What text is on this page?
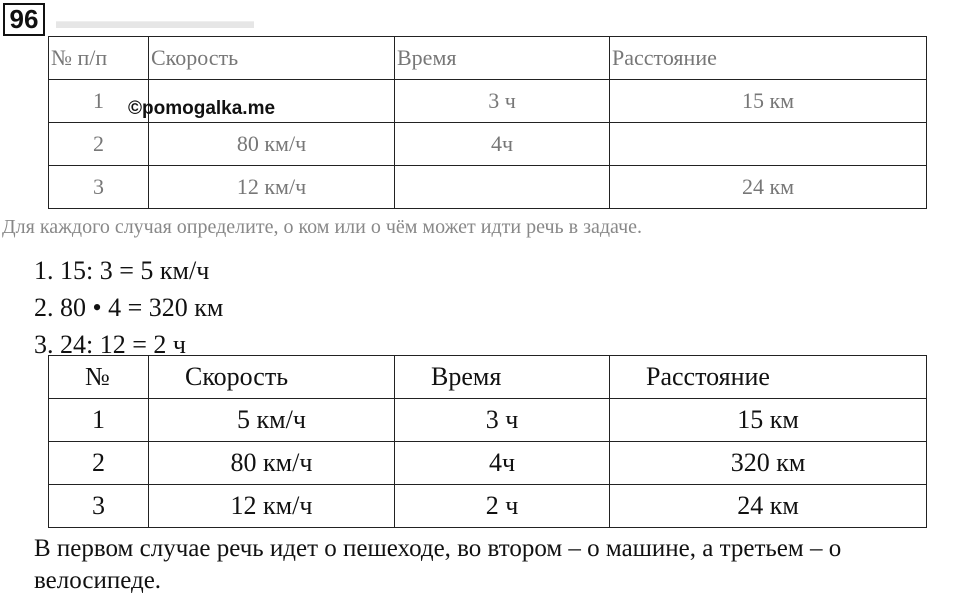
96 ▬▬▬▬▬▬▬▬▬
№ п/п	Скорость	Время	Расстояние
1		3 ч	15 км
2	80 км/ч	4ч	
3	12 км/ч		24 км
©pomogalka.me
Для каждого случая определите, о ком или о чём может идти речь в задаче.
1. 15: 3 = 5 км/ч
2. 80 • 4 = 320 км
3. 24: 12 = 2 ч
№	Скорость	Время	Расстояние
1	5 км/ч	3 ч	15 км
2	80 км/ч	4ч	320 км
3	12 км/ч	2 ч	24 км
В первом случае речь идет о пешеходе, во втором – о машине, а третьем – о велосипеде.
